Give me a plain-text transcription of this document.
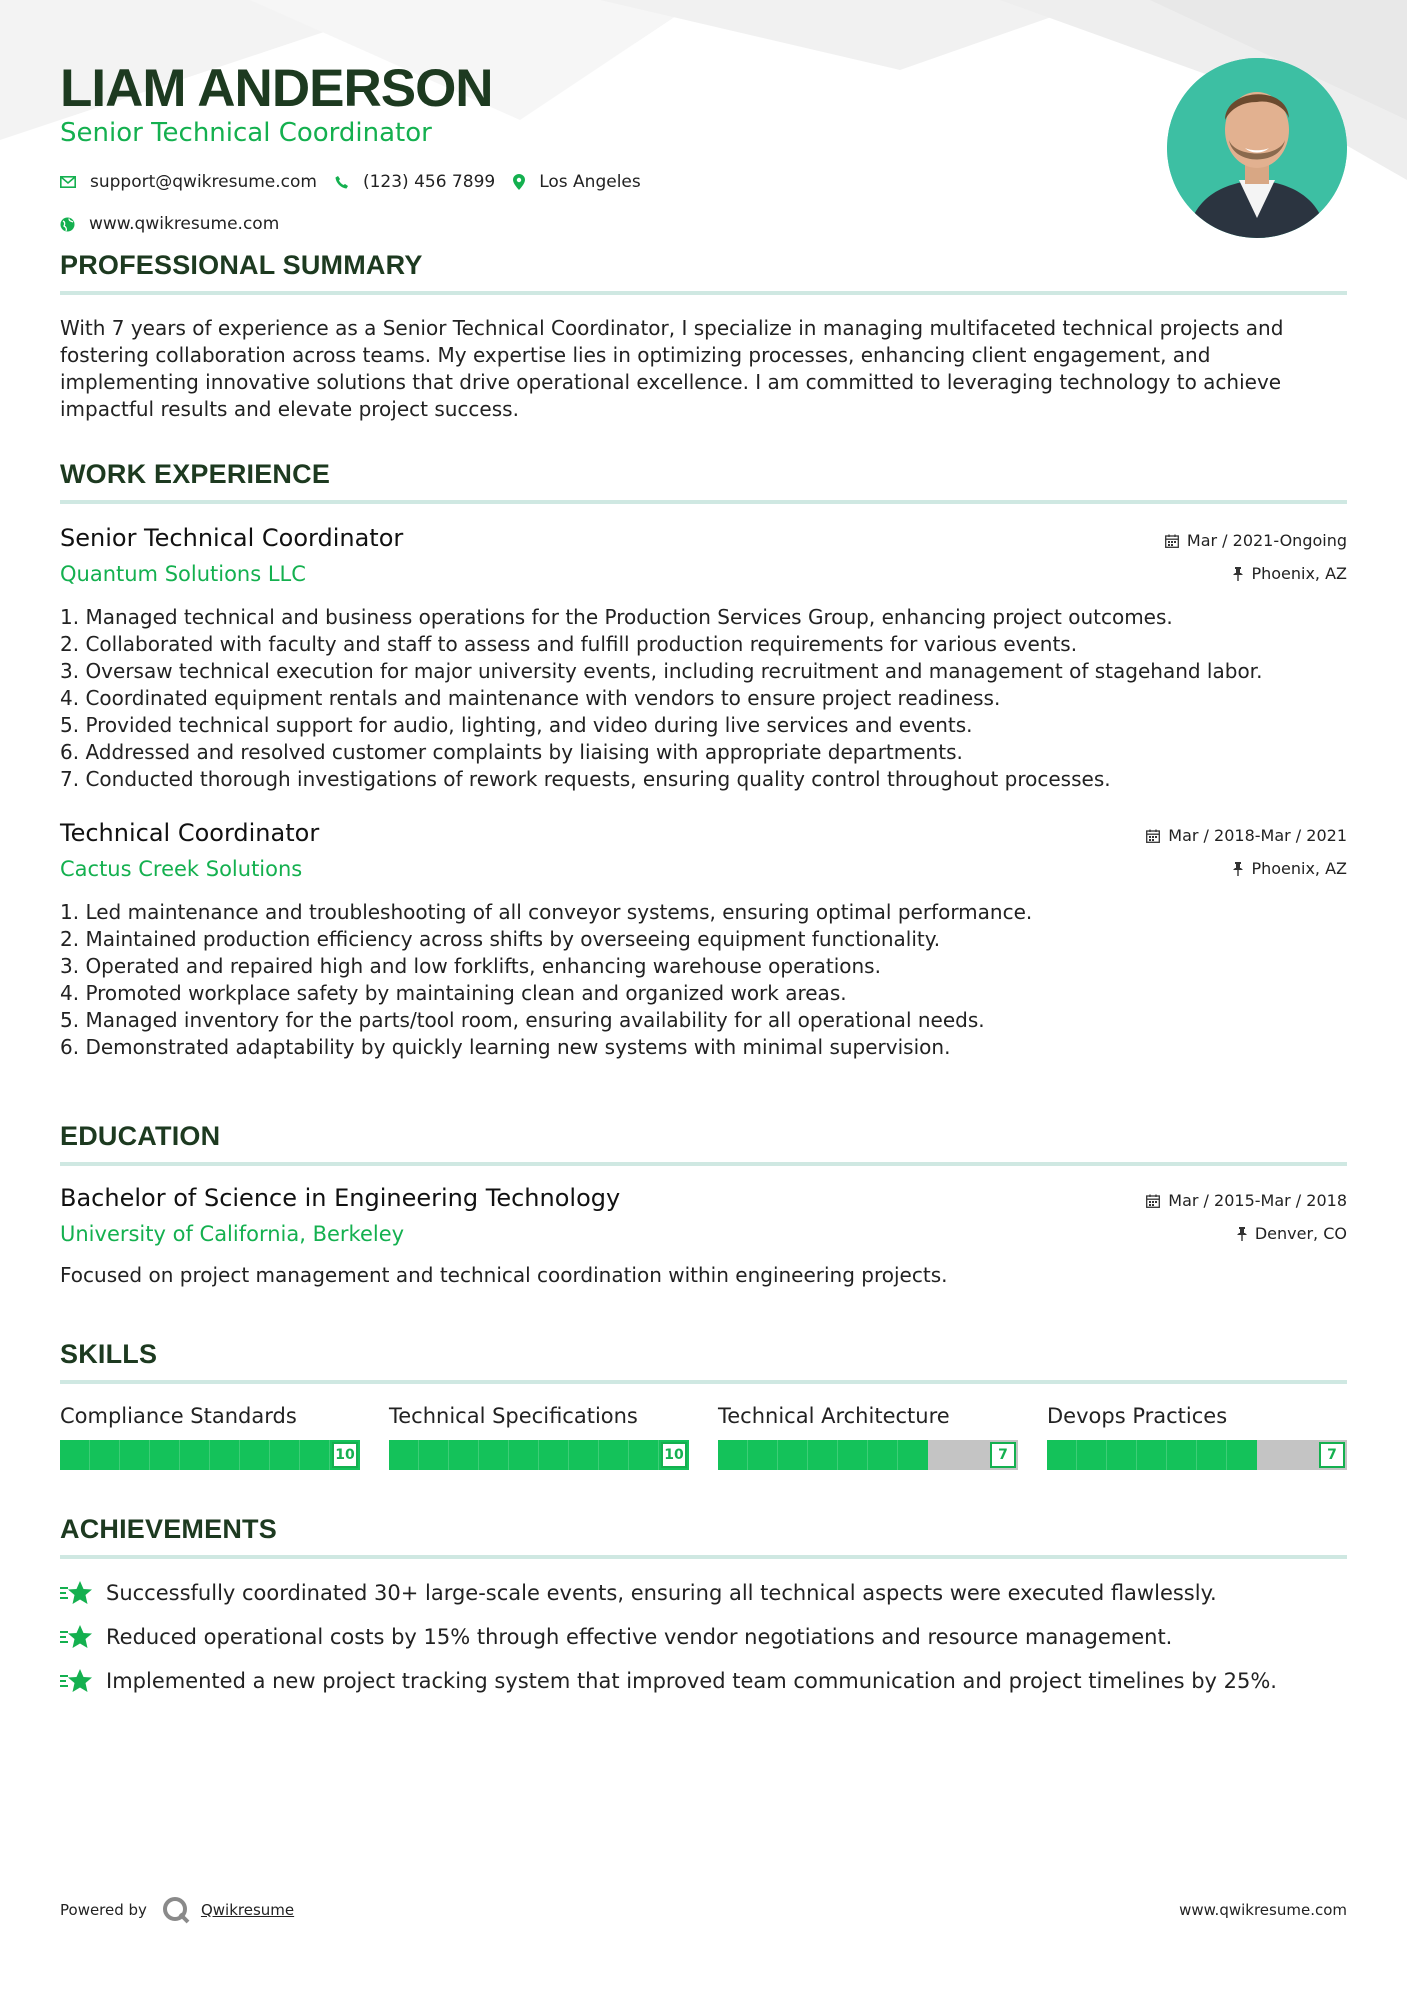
LIAM ANDERSON
Senior Technical Coordinator
support@qwikresume.com	(123) 456 7899	Los Angeles
www.qwikresume.com
PROFESSIONAL SUMMARY

With 7 years of experience as a Senior Technical Coordinator, I specialize in managing multifaceted technical projects and fostering collaboration across teams. My expertise lies in optimizing processes, enhancing client engagement, and implementing innovative solutions that drive operational excellence. I am committed to leveraging technology to achieve impactful results and elevate project success.

WORK EXPERIENCE
Senior Technical Coordinator
Quantum Solutions LLC
Mar / 2021-Ongoing
Phoenix, AZ
1. Managed technical and business operations for the Production Services Group, enhancing project outcomes.
2. Collaborated with faculty and staff to assess and fulfill production requirements for various events.
3. Oversaw technical execution for major university events, including recruitment and management of stagehand labor.
4. Coordinated equipment rentals and maintenance with vendors to ensure project readiness.
5. Provided technical support for audio, lighting, and video during live services and events.
6. Addressed and resolved customer complaints by liaising with appropriate departments.
7. Conducted thorough investigations of rework requests, ensuring quality control throughout processes.
Technical Coordinator
Cactus Creek Solutions
Mar / 2018-Mar / 2021
Phoenix, AZ
1. Led maintenance and troubleshooting of all conveyor systems, ensuring optimal performance.
2. Maintained production efficiency across shifts by overseeing equipment functionality.
3. Operated and repaired high and low forklifts, enhancing warehouse operations.
4. Promoted workplace safety by maintaining clean and organized work areas.
5. Managed inventory for the parts/tool room, ensuring availability for all operational needs.
6. Demonstrated adaptability by quickly learning new systems with minimal supervision.
EDUCATION
Bachelor of Science in Engineering Technology
University of California, Berkeley
Mar / 2015-Mar / 2018
Denver, CO

Focused on project management and technical coordination within engineering projects.

SKILLS
Compliance Standards
10
Technical Specifications
10
Technical Architecture
7
Devops Practices
7
ACHIEVEMENTS
Successfully coordinated 30+ large-scale events, ensuring all technical aspects were executed flawlessly.
Reduced operational costs by 15% through effective vendor negotiations and resource management.
Implemented a new project tracking system that improved team communication and project timelines by 25%.
Powered by	Qwikresume	www.qwikresume.com
